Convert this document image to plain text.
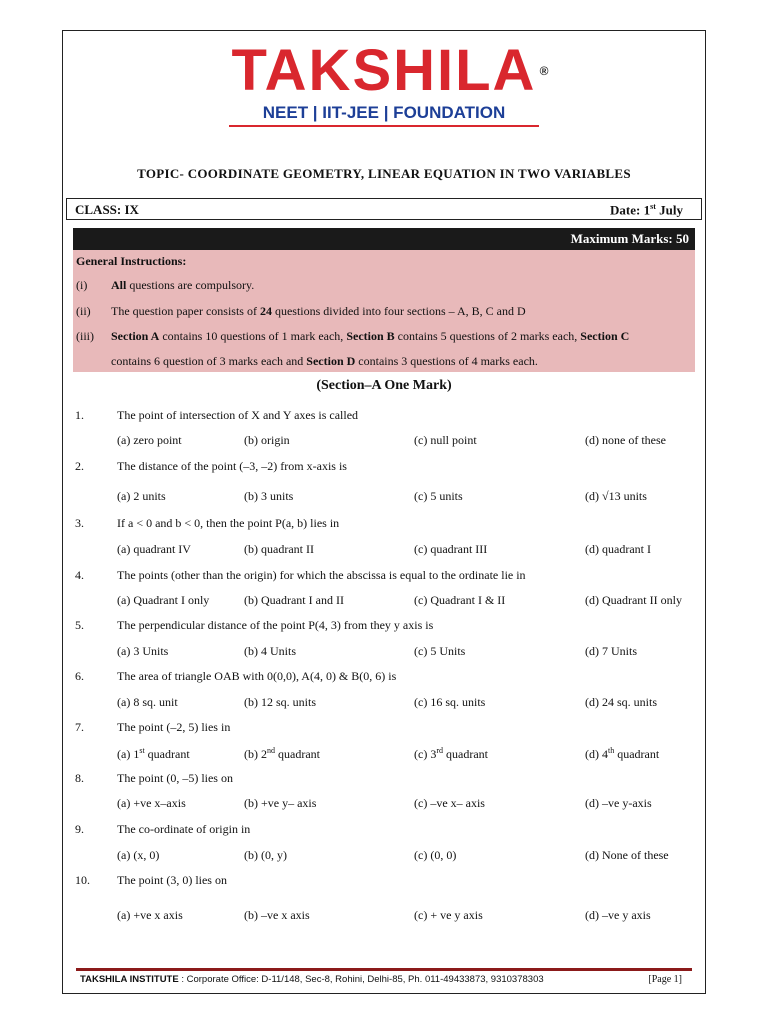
TAKSHILA ®
NEET | IIT-JEE | FOUNDATION
TOPIC- COORDINATE GEOMETRY, LINEAR EQUATION IN TWO VARIABLES
CLASS: IX	Date: 1st July
Maximum Marks: 50
General Instructions:
(i)	All questions are compulsory.
(ii)	The question paper consists of 24 questions divided into four sections – A, B, C and D
(iii)	Section A contains 10 questions of 1 mark each, Section B contains 5 questions of 2 marks each, Section C
contains 6 question of 3 marks each and Section D contains 3 questions of 4 marks each.
(Section–A One Mark)
1.	The point of intersection of X and Y axes is called
(a) zero point	(b) origin	(c) null point	(d) none of these
2.	The distance of the point (–3, –2) from x-axis is
(a) 2 units	(b) 3 units	(c) 5 units	(d) √13 units
3.	If a < 0 and b < 0, then the point P(a, b) lies in
(a) quadrant IV	(b) quadrant II	(c) quadrant III	(d) quadrant I
4.	The points (other than the origin) for which the abscissa is equal to the ordinate lie in
(a) Quadrant I only	(b) Quadrant I and II	(c) Quadrant I & II	(d) Quadrant II only
5.	The perpendicular distance of the point P(4, 3) from they y axis is
(a) 3 Units	(b) 4 Units	(c) 5 Units	(d) 7 Units
6.	The area of triangle OAB with 0(0,0), A(4, 0) & B(0, 6) is
(a) 8 sq. unit	(b) 12 sq. units	(c) 16 sq. units	(d) 24 sq. units
7.	The point (–2, 5) lies in
(a) 1st quadrant	(b) 2nd quadrant	(c) 3rd quadrant	(d) 4th quadrant
8.	The point (0, –5) lies on
(a) +ve x–axis	(b) +ve y– axis	(c) –ve x– axis	(d) –ve y-axis
9.	The co-ordinate of origin in
(a) (x, 0)	(b) (0, y)	(c) (0, 0)	(d) None of these
10. The point (3, 0) lies on
(a) +ve x axis	(b) –ve x axis	(c) + ve y axis	(d) –ve y axis
TAKSHILA INSTITUTE : Corporate Office: D-11/148, Sec-8, Rohini, Delhi-85, Ph. 011-49433873, 9310378303	[Page 1]
